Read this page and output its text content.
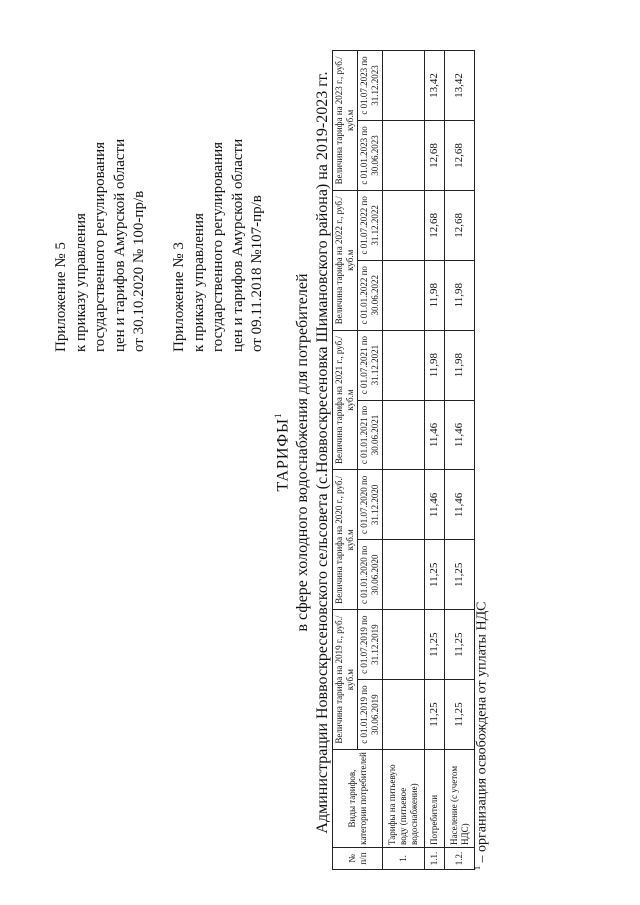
Приложение № 5 к приказу управления государственного регулирования цен и тарифов Амурской области от 30.10.2020 № 100-пр/в Приложение № 3 к приказу управления государственного регулирования цен и тарифов Амурской области от 09.11.2018 №107-пр/в
ТАРИФЫ$^1$ в сфере холодного водоснабжения для потребителей Администрации Новвоскресеновского сельсовета (с.Новвоскресеновка Шимановского района) на 2019-2023 гг.
№ п/п	Виды тарифов, категории потребителей	Величина тарифа на 2019 г., руб./куб.м		Величина тарифа на 2020 г., руб./куб.м		Величина тарифа на 2021 г., руб./куб.м		Величина тарифа на 2022 г., руб./куб.м		Величина тарифа на 2023 г., руб./куб.м	
		с 01.01.2019 по 30.06.2019	с 01.07.2019 по 31.12.2019	с 01.01.2020 по 30.06.2020	с 01.07.2020 по 31.12.2020	с 01.01.2021 по 30.06.2021	с 01.07.2021 по 31.12.2021	с 01.01.2022 по 30.06.2022	с 01.07.2022 по 31.12.2022	с 01.01.2023 по 30.06.2023	с 01.07.2023 по 31.12.2023
1.	Тарифы на питьевую воду (питьевое водоснабжение)										
1.1.	Потребители	11,25	11,25	11,25	11,46	11,46	11,98	11,98	12,68	12,68	13,42
1.2.	Население (с учетом НДС)	11,25	11,25	11,25	11,46	11,46	11,98	11,98	12,68	12,68	13,42
$^1$ – организация освобождена от уплаты НДС
